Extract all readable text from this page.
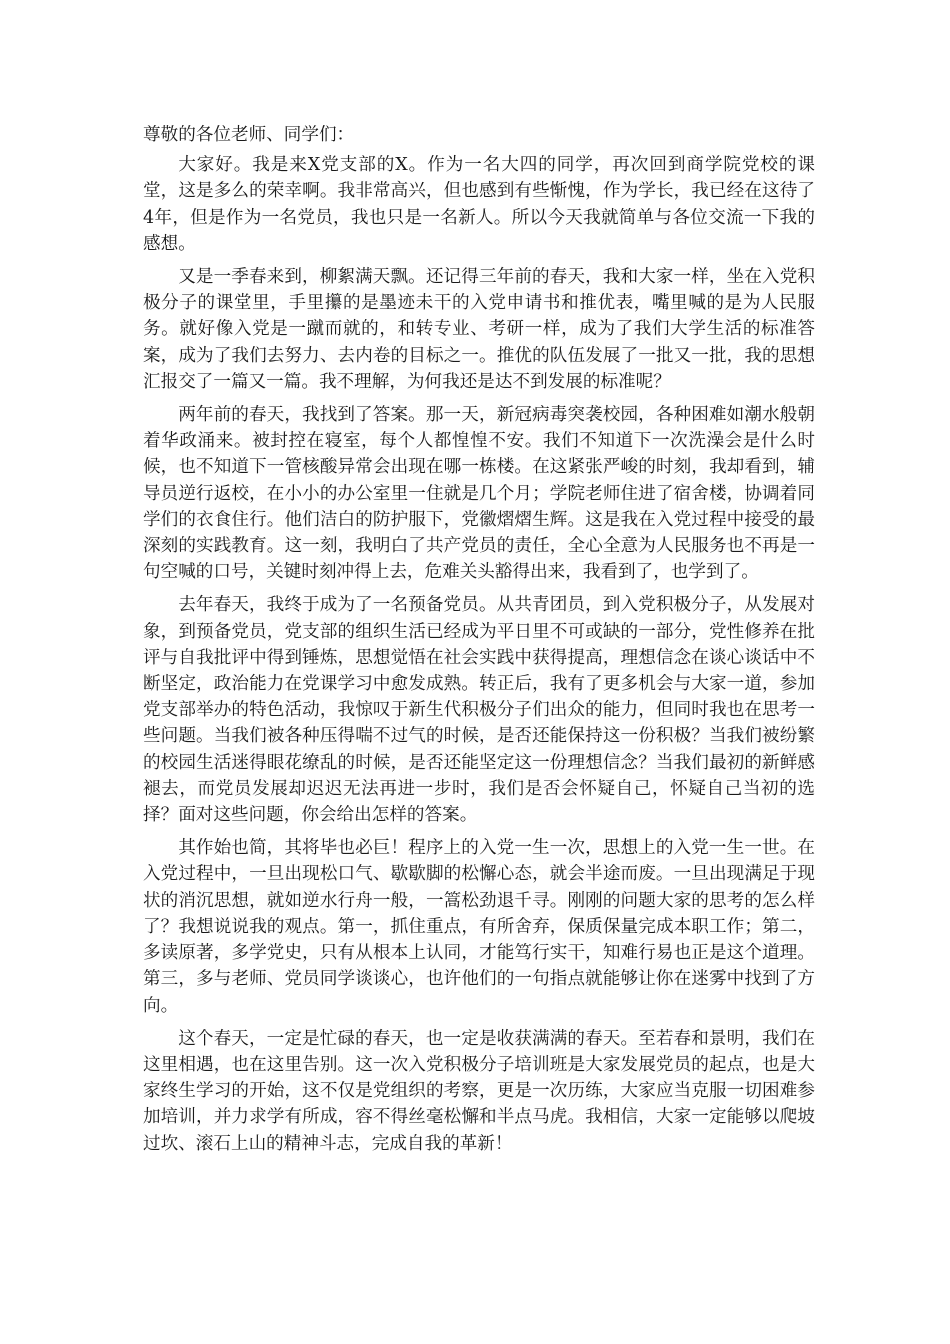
尊敬的各位老师、同学们：

大家好。我是来X党支部的X。作为一名大四的同学，再次回到商学院党校的课堂，这是多么的荣幸啊。我非常高兴，但也感到有些惭愧，作为学长，我已经在这待了4年，但是作为一名党员，我也只是一名新人。所以今天我就简单与各位交流一下我的感想。

又是一季春来到，柳絮满天飘。还记得三年前的春天，我和大家一样，坐在入党积极分子的课堂里，手里攥的是墨迹未干的入党申请书和推优表，嘴里喊的是为人民服务。就好像入党是一蹴而就的，和转专业、考研一样，成为了我们大学生活的标准答案，成为了我们去努力、去内卷的目标之一。推优的队伍发展了一批又一批，我的思想汇报交了一篇又一篇。我不理解，为何我还是达不到发展的标准呢？

两年前的春天，我找到了答案。那一天，新冠病毒突袭校园，各种困难如潮水般朝着华政涌来。被封控在寝室，每个人都惶惶不安。我们不知道下一次洗澡会是什么时候，也不知道下一管核酸异常会出现在哪一栋楼。在这紧张严峻的时刻，我却看到，辅导员逆行返校，在小小的办公室里一住就是几个月；学院老师住进了宿舍楼，协调着同学们的衣食住行。他们洁白的防护服下，党徽熠熠生辉。这是我在入党过程中接受的最深刻的实践教育。这一刻，我明白了共产党员的责任，全心全意为人民服务也不再是一句空喊的口号，关键时刻冲得上去，危难关头豁得出来，我看到了，也学到了。

去年春天，我终于成为了一名预备党员。从共青团员，到入党积极分子，从发展对象，到预备党员，党支部的组织生活已经成为平日里不可或缺的一部分，党性修养在批评与自我批评中得到锤炼，思想觉悟在社会实践中获得提高，理想信念在谈心谈话中不断坚定，政治能力在党课学习中愈发成熟。转正后，我有了更多机会与大家一道，参加党支部举办的特色活动，我惊叹于新生代积极分子们出众的能力，但同时我也在思考一些问题。当我们被各种压得喘不过气的时候，是否还能保持这一份积极？当我们被纷繁的校园生活迷得眼花缭乱的时候，是否还能坚定这一份理想信念？当我们最初的新鲜感褪去，而党员发展却迟迟无法再进一步时，我们是否会怀疑自己，怀疑自己当初的选择？面对这些问题，你会给出怎样的答案。

其作始也简，其将毕也必巨！程序上的入党一生一次，思想上的入党一生一世。在入党过程中，一旦出现松口气、歇歇脚的松懈心态，就会半途而废。一旦出现满足于现状的消沉思想，就如逆水行舟一般，一篙松劲退千寻。刚刚的问题大家的思考的怎么样了？我想说说我的观点。第一，抓住重点，有所舍弃，保质保量完成本职工作；第二，多读原著，多学党史，只有从根本上认同，才能笃行实干，知难行易也正是这个道理。第三，多与老师、党员同学谈谈心，也许他们的一句指点就能够让你在迷雾中找到了方向。

这个春天，一定是忙碌的春天，也一定是收获满满的春天。至若春和景明，我们在这里相遇，也在这里告别。这一次入党积极分子培训班是大家发展党员的起点，也是大家终生学习的开始，这不仅是党组织的考察，更是一次历练，大家应当克服一切困难参加培训，并力求学有所成，容不得丝毫松懈和半点马虎。我相信，大家一定能够以爬坡过坎、滚石上山的精神斗志，完成自我的革新！
